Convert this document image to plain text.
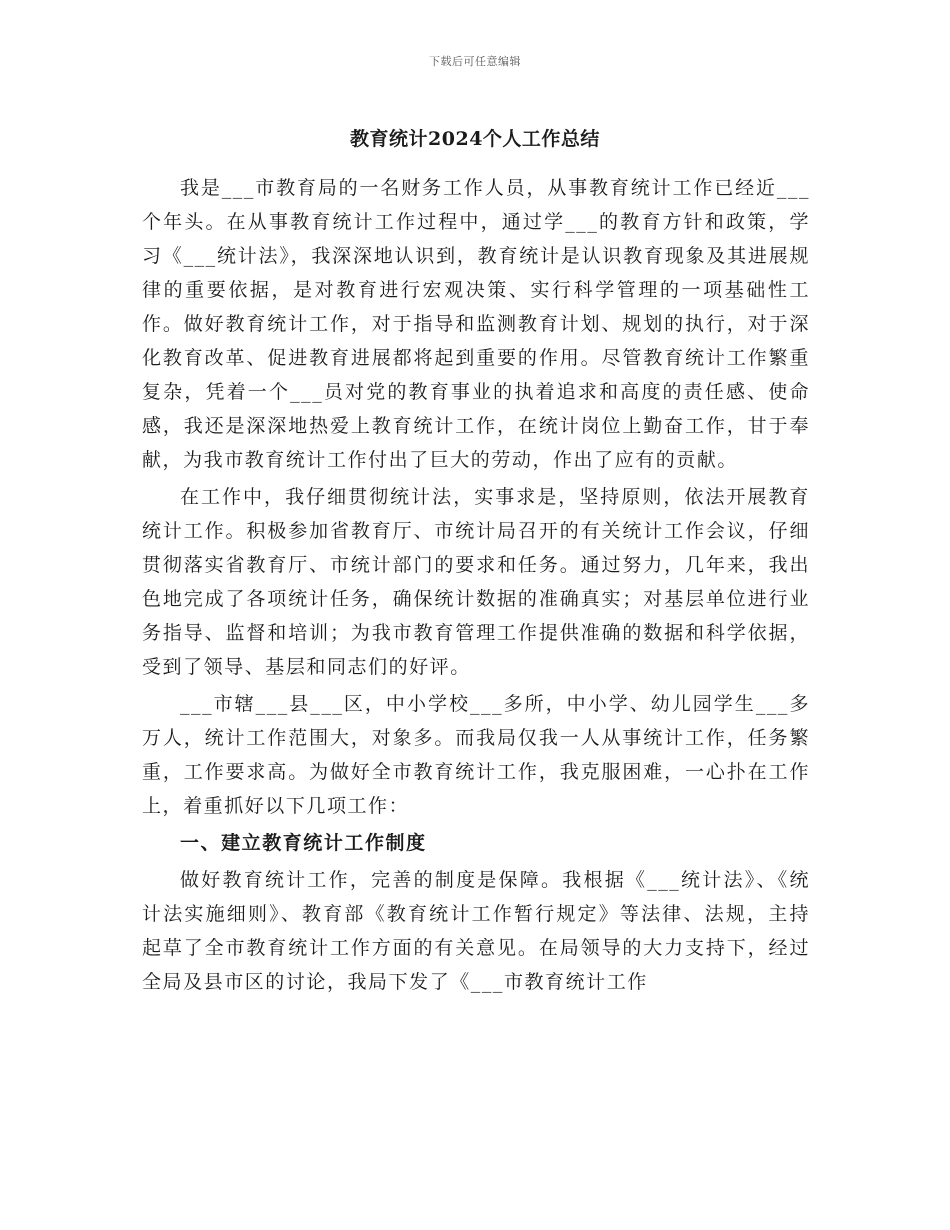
下载后可任意编辑
教育统计2024个人工作总结

我是___市教育局的一名财务工作人员，从事教育统计工作已经近___个年头。在从事教育统计工作过程中，通过学___的教育方针和政策，学习《___统计法》，我深深地认识到，教育统计是认识教育现象及其进展规律的重要依据，是对教育进行宏观决策、实行科学管理的一项基础性工作。做好教育统计工作，对于指导和监测教育计划、规划的执行，对于深化教育改革、促进教育进展都将起到重要的作用。尽管教育统计工作繁重复杂，凭着一个___员对党的教育事业的执着追求和高度的责任感、使命感，我还是深深地热爱上教育统计工作，在统计岗位上勤奋工作，甘于奉献，为我市教育统计工作付出了巨大的劳动，作出了应有的贡献。

在工作中，我仔细贯彻统计法，实事求是，坚持原则，依法开展教育统计工作。积极参加省教育厅、市统计局召开的有关统计工作会议，仔细贯彻落实省教育厅、市统计部门的要求和任务。通过努力，几年来，我出色地完成了各项统计任务，确保统计数据的准确真实；对基层单位进行业务指导、监督和培训；为我市教育管理工作提供准确的数据和科学依据，受到了领导、基层和同志们的好评。

___市辖___县___区，中小学校___多所，中小学、幼儿园学生___多万人，统计工作范围大，对象多。而我局仅我一人从事统计工作，任务繁重，工作要求高。为做好全市教育统计工作，我克服困难，一心扑在工作上，着重抓好以下几项工作：

一、建立教育统计工作制度

做好教育统计工作，完善的制度是保障。我根据《___统计法》、《统计法实施细则》、教育部《教育统计工作暂行规定》等法律、法规，主持起草了全市教育统计工作方面的有关意见。在局领导的大力支持下，经过全局及县市区的讨论，我局下发了《___市教育统计工作
